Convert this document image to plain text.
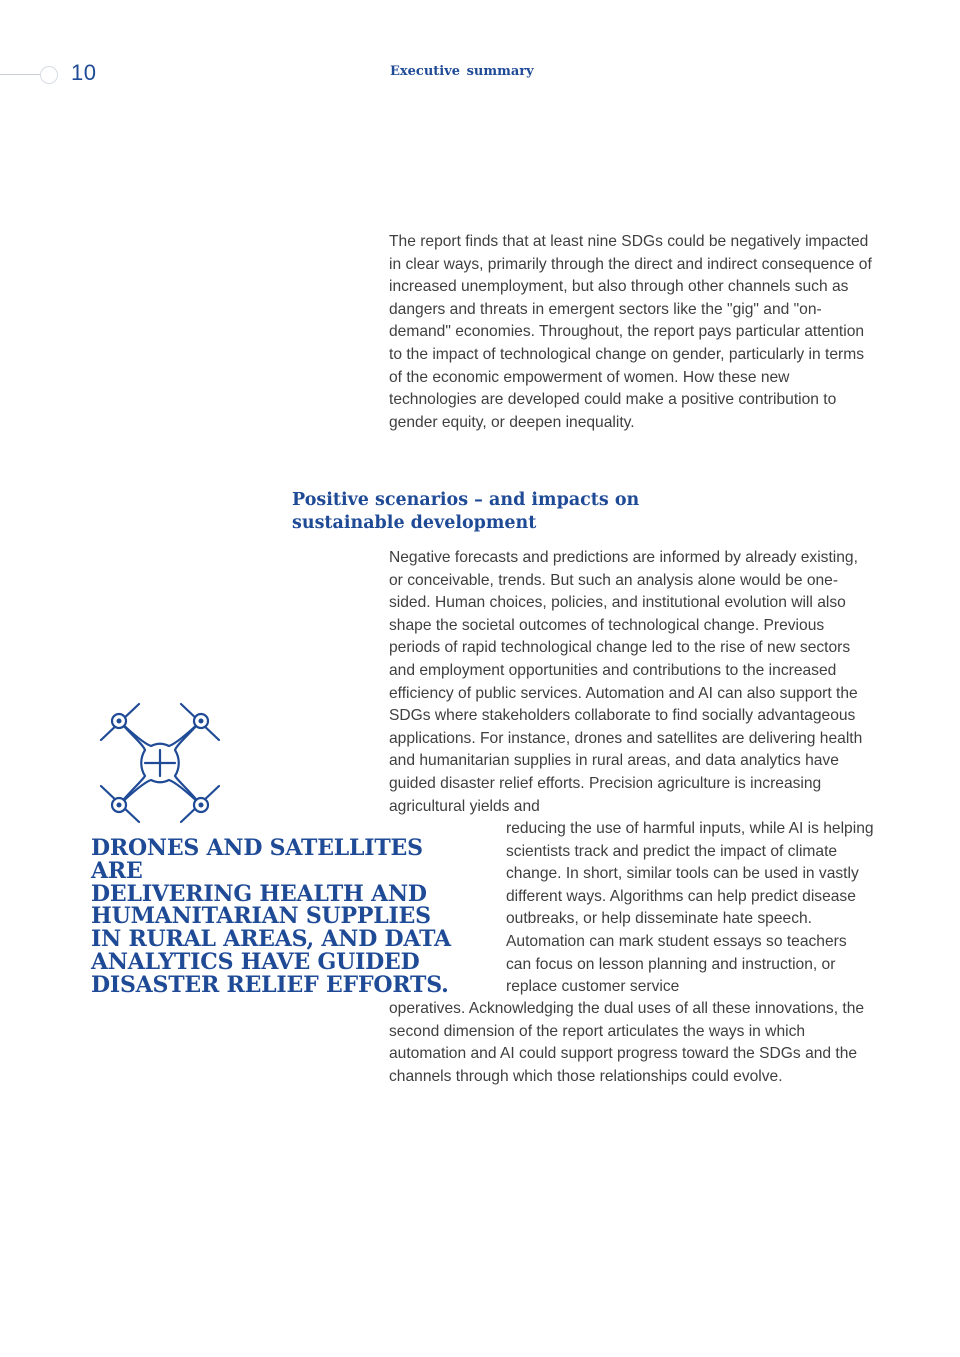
10	Executive summary

The report finds that at least nine SDGs could be negatively impacted in clear ways, primarily through the direct and indirect consequence of increased unemployment, but also through other channels such as dangers and threats in emergent sectors like the "gig" and "on-demand" economies. Throughout, the report pays particular attention to the impact of technological change on gender, particularly in terms of the economic empowerment of women. How these new technologies are developed could make a positive contribution to gender equity, or deepen inequality.

Positive scenarios – and impacts on sustainable development

Negative forecasts and predictions are informed by already existing, or conceivable, trends. But such an analysis alone would be one-sided. Human choices, policies, and institutional evolution will also shape the societal outcomes of technological change. Previous periods of rapid technological change led to the rise of new sectors and employment opportunities and contributions to the increased efficiency of public services. Automation and AI can also support the SDGs where stakeholders collaborate to find socially advantageous applications. For instance, drones and satellites are delivering health and humanitarian supplies in rural areas, and data analytics have guided disaster relief efforts. Precision agriculture is increasing agricultural yields and

DRONES AND SATELLITES ARE
DELIVERING HEALTH AND
HUMANITARIAN SUPPLIES
IN RURAL AREAS, AND DATA
ANALYTICS HAVE GUIDED
DISASTER RELIEF EFFORTS.

reducing the use of harmful inputs, while AI is helping scientists track and predict the impact of climate change. In short, similar tools can be used in vastly different ways. Algorithms can help predict disease outbreaks, or help disseminate hate speech. Automation can mark student essays so teachers can focus on lesson planning and instruction, or replace customer service

operatives. Acknowledging the dual uses of all these innovations, the second dimension of the report articulates the ways in which automation and AI could support progress toward the SDGs and the channels through which those relationships could evolve.
